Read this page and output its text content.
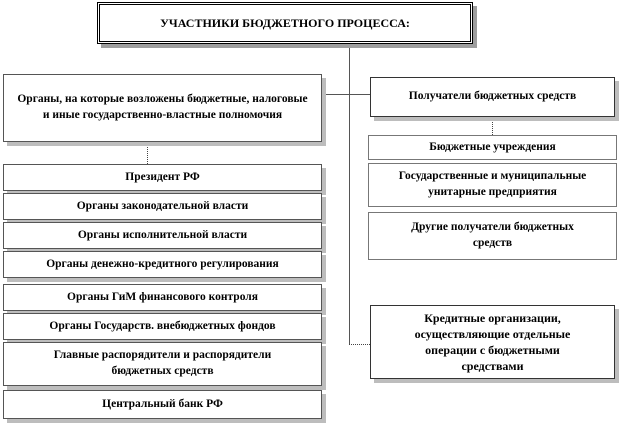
УЧАСТНИКИ БЮДЖЕТНОГО ПРОЦЕССА:
Органы, на которые возложены бюджетные, налоговые и иные государственно-властные полномочия
Президент РФ
Органы законодательной власти
Органы исполнительной власти
Органы денежно-кредитного регулирования
Органы ГиМ финансового контроля
Органы Государств. внебюджетных фондов
Главные распорядители и распорядители бюджетных средств
Центральный банк РФ
Получатели бюджетных средств
Бюджетные учреждения
Государственные и муниципальные унитарные предприятия
Другие получатели бюджетных средств
Кредитные организации, осуществляющие отдельные операции с бюджетными средствами
